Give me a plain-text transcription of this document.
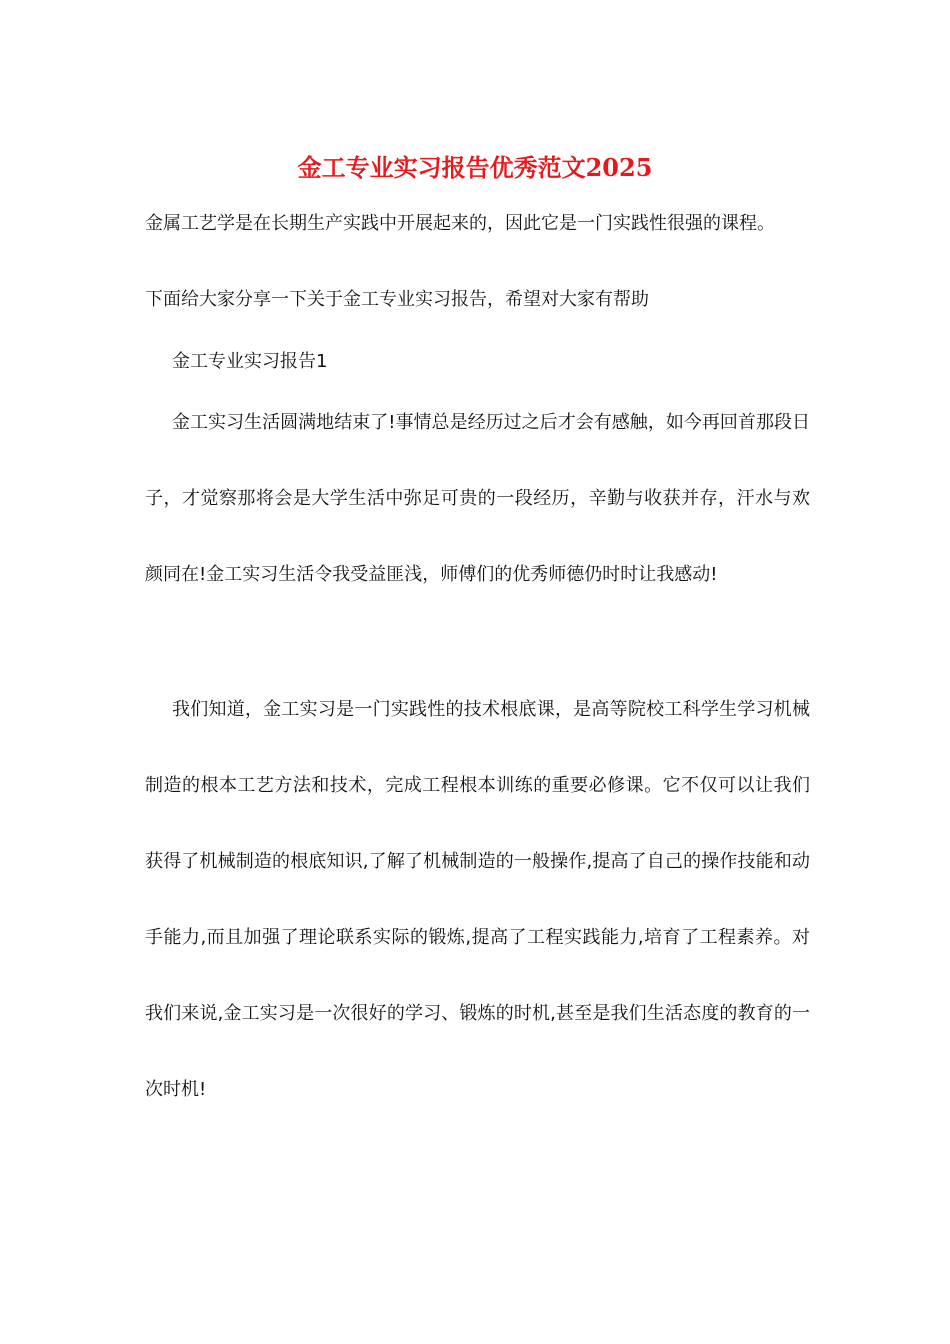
金工专业实习报告优秀范文2025

金属工艺学是在长期生产实践中开展起来的，因此它是一门实践性很强的课程。

下面给大家分享一下关于金工专业实习报告，希望对大家有帮助

金工专业实习报告1

金工实习生活圆满地结束了!事情总是经历过之后才会有感触，如今再回首那段日子，才觉察那将会是大学生活中弥足可贵的一段经历，辛勤与收获并存，汗水与欢颜同在!金工实习生活令我受益匪浅，师傅们的优秀师德仍时时让我感动!

我们知道，金工实习是一门实践性的技术根底课，是高等院校工科学生学习机械制造的根本工艺方法和技术，完成工程根本训练的重要必修课。它不仅可以让我们获得了机械制造的根底知识,了解了机械制造的一般操作,提高了自己的操作技能和动手能力,而且加强了理论联系实际的锻炼,提高了工程实践能力,培育了工程素养。对我们来说,金工实习是一次很好的学习、锻炼的时机,甚至是我们生活态度的教育的一次时机!
